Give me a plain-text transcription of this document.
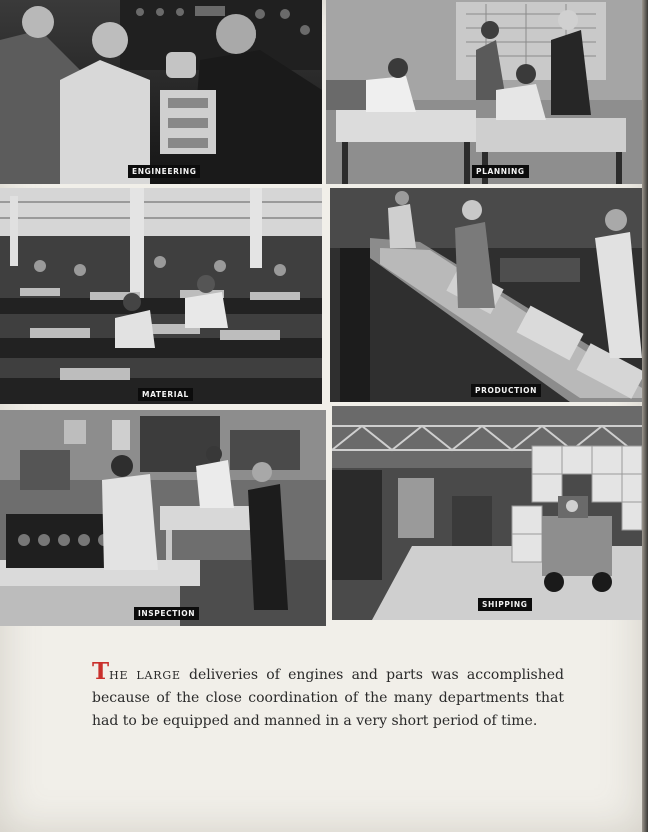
ENGINEERING	PLANNING
MATERIAL	PRODUCTION
INSPECTION
SHIPPING

THE LARGE deliveries of engines and parts was accomplished because of the close coordination of the many departments that had to be equipped and manned in a very short period of time.
